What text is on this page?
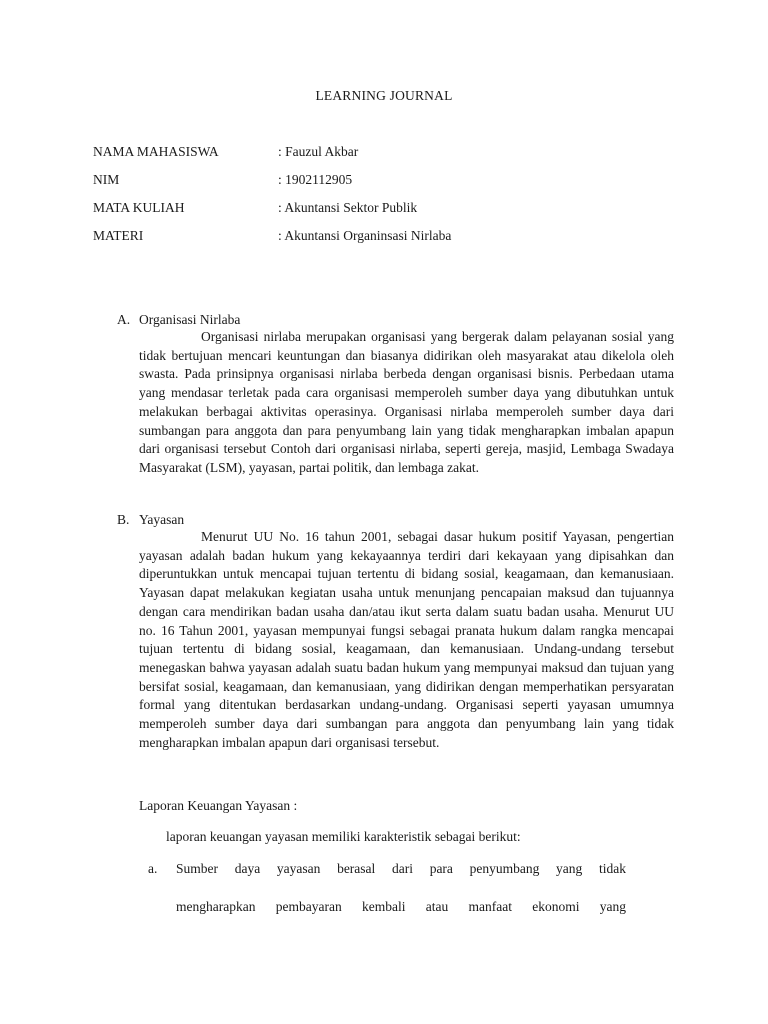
LEARNING JOURNAL
NAMA MAHASISWA	: Fauzul Akbar
NIM	: 1902112905
MATA KULIAH	: Akuntansi Sektor Publik
MATERI	: Akuntansi Organinsasi Nirlaba
A. Organisasi Nirlaba

Organisasi nirlaba merupakan organisasi yang bergerak dalam pelayanan sosial yang tidak bertujuan mencari keuntungan dan biasanya didirikan oleh masyarakat atau dikelola oleh swasta. Pada prinsipnya organisasi nirlaba berbeda dengan organisasi bisnis. Perbedaan utama yang mendasar terletak pada cara organisasi memperoleh sumber daya yang dibutuhkan untuk melakukan berbagai aktivitas operasinya. Organisasi nirlaba memperoleh sumber daya dari sumbangan para anggota dan para penyumbang lain yang tidak mengharapkan imbalan apapun dari organisasi tersebut Contoh dari organisasi nirlaba, seperti gereja, masjid, Lembaga Swadaya Masyarakat (LSM), yayasan, partai politik, dan lembaga zakat.

B. Yayasan

Menurut UU No. 16 tahun 2001, sebagai dasar hukum positif Yayasan, pengertian yayasan adalah badan hukum yang kekayaannya terdiri dari kekayaan yang dipisahkan dan diperuntukkan untuk mencapai tujuan tertentu di bidang sosial, keagamaan, dan kemanusiaan. Yayasan dapat melakukan kegiatan usaha untuk menunjang pencapaian maksud dan tujuannya dengan cara mendirikan badan usaha dan/atau ikut serta dalam suatu badan usaha. Menurut UU no. 16 Tahun 2001, yayasan mempunyai fungsi sebagai pranata hukum dalam rangka mencapai tujuan tertentu di bidang sosial, keagamaan, dan kemanusiaan. Undang-undang tersebut menegaskan bahwa yayasan adalah suatu badan hukum yang mempunyai maksud dan tujuan yang bersifat sosial, keagamaan, dan kemanusiaan, yang didirikan dengan memperhatikan persyaratan formal yang ditentukan berdasarkan undang-undang. Organisasi seperti yayasan umumnya memperoleh sumber daya dari sumbangan para anggota dan penyumbang lain yang tidak mengharapkan imbalan apapun dari organisasi tersebut.

Laporan Keuangan Yayasan :
laporan keuangan yayasan memiliki karakteristik sebagai berikut:
a. Sumber daya yayasan berasal dari para penyumbang yang tidak
mengharapkan pembayaran kembali atau manfaat ekonomi yang
